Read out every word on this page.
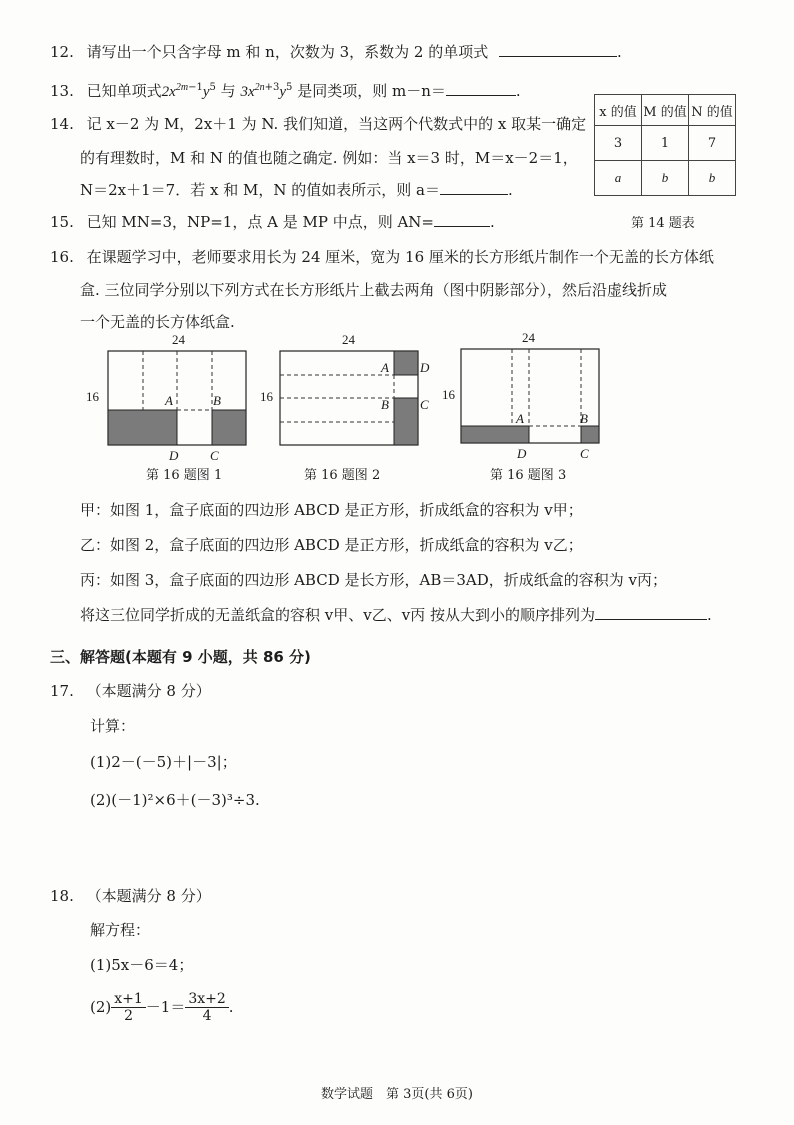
12. 请写出一个只含字母 m 和 n，次数为 3，系数为 2 的单项式	.
13. 已知单项式$2x^{2m-1}y^5$ 与 $3x^{2n+3}y^5$ 是同类项，则 m－n＝	.
14. 记 x－2 为 M，2x＋1 为 N. 我们知道，当这两个代数式中的 x 取某一确定
的有理数时，M 和 N 的值也随之确定. 例如：当 x＝3 时，M＝x－2＝1，
N＝2x＋1＝7．若 x 和 M，N 的值如表所示，则 a＝	.
x 的值	M 的值	N 的值
3	1	7
a	b	b
第 14 题表
15. 已知 MN=3，NP=1，点 A 是 MP 中点，则 AN=	.
16. 在课题学习中，老师要求用长为 24 厘米，宽为 16 厘米的长方形纸片制作一个无盖的长方体纸
盒. 三位同学分别以下列方式在长方形纸片上截去两角（图中阴影部分），然后沿虚线折成
一个无盖的长方体纸盒.
24
16	A	B
D C
24
16
A D
B C
24
16
A	B
D	C
第 16 题图 1	第 16 题图 2	第 16 题图 3
甲：如图 1，盒子底面的四边形 ABCD 是正方形，折成纸盒的容积为 v甲；
乙：如图 2，盒子底面的四边形 ABCD 是正方形，折成纸盒的容积为 v乙；
丙：如图 3，盒子底面的四边形 ABCD 是长方形，AB＝3AD，折成纸盒的容积为 v丙；
将这三位同学折成的无盖纸盒的容积 v甲、v乙、v丙 按从大到小的顺序排列为	.
三、解答题(本题有 9 小题，共 86 分)
17. （本题满分 8 分）
计算：
(1)2－(－5)＋|－3|；
(2)(－1)²×6＋(－3)³÷3.
18. （本题满分 8 分）
解方程：
(1)5x－6＝4；
$(2) \frac{x+1}{2} -1= \frac{3x+2}{4}$ .
数学试题　第 3页(共 6页)
